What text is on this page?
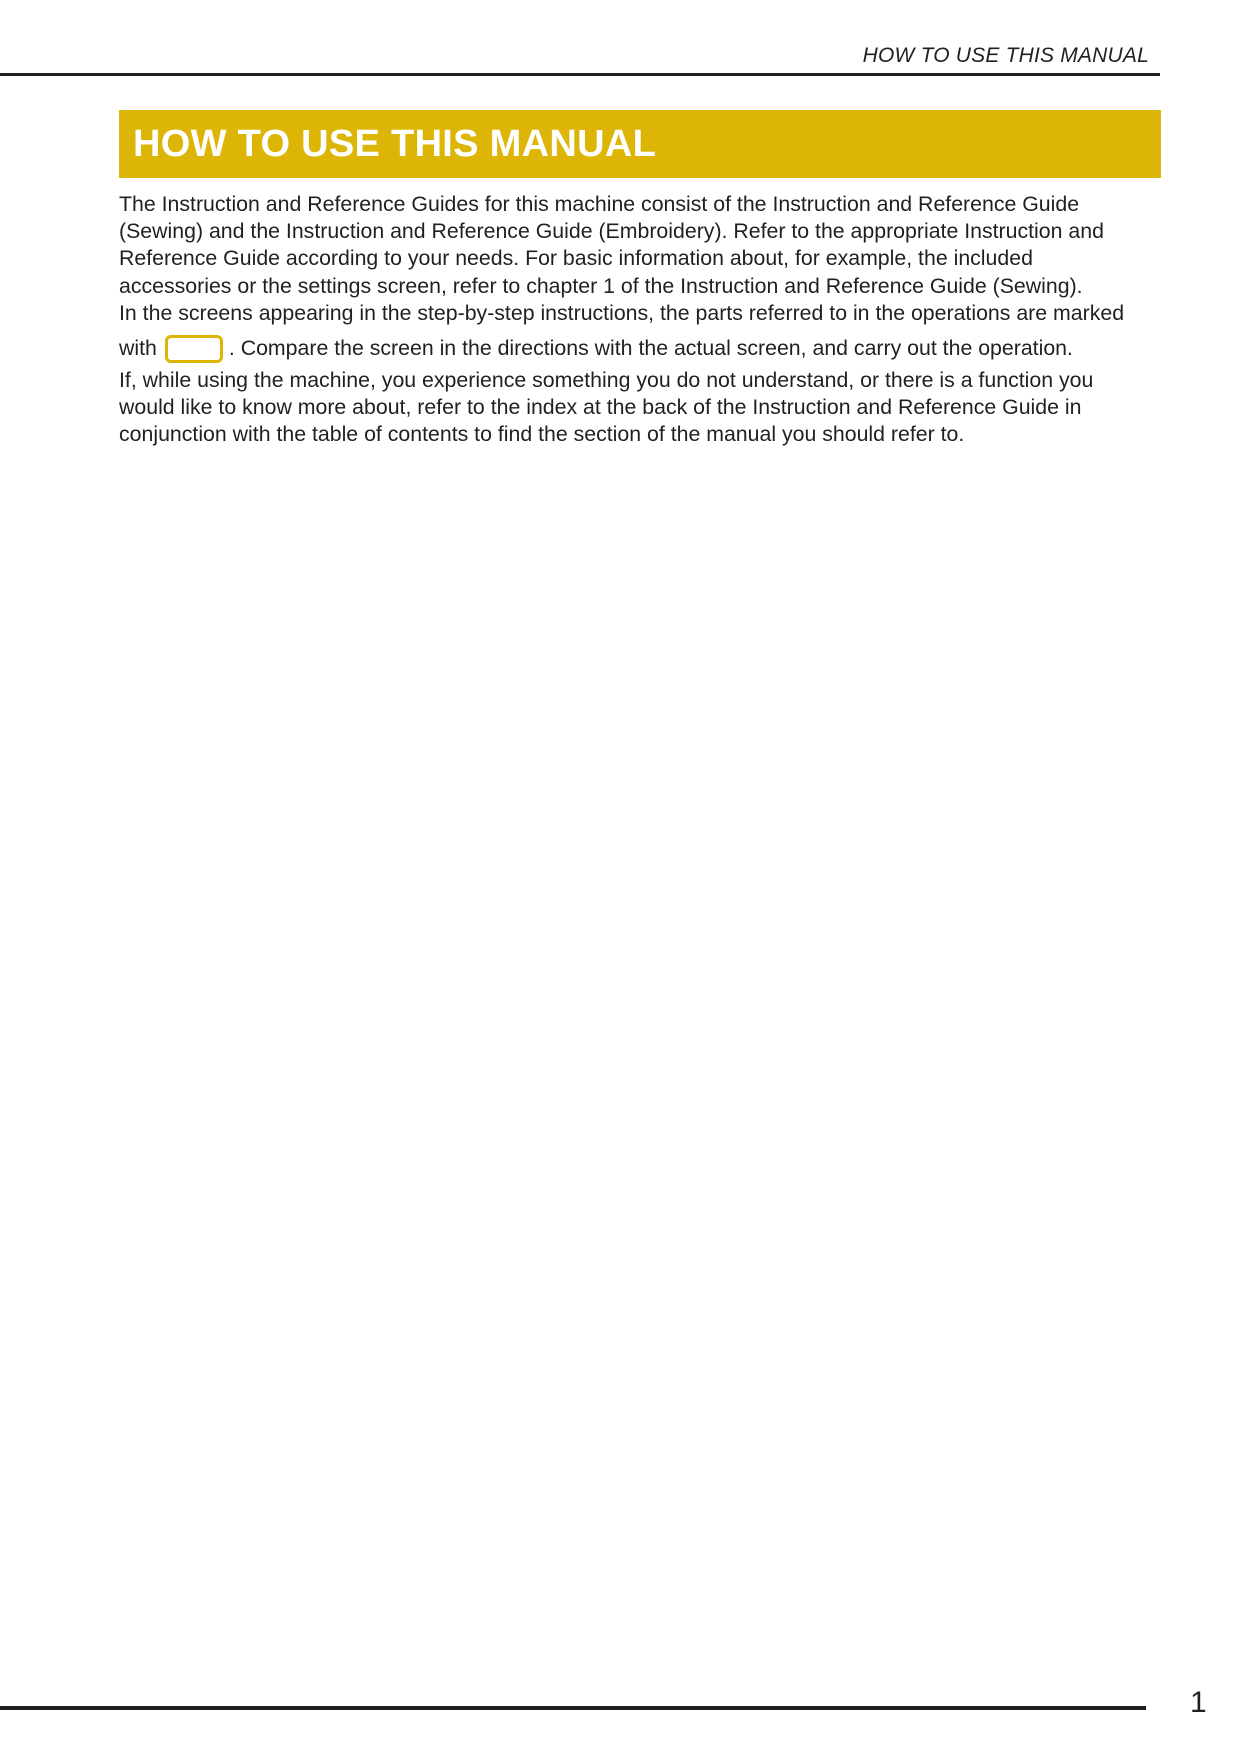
HOW TO USE THIS MANUAL
HOW TO USE THIS MANUAL

The Instruction and Reference Guides for this machine consist of the Instruction and Reference Guide
(Sewing) and the Instruction and Reference Guide (Embroidery). Refer to the appropriate Instruction and
Reference Guide according to your needs. For basic information about, for example, the included
accessories or the settings screen, refer to chapter 1 of the Instruction and Reference Guide (Sewing).

In the screens appearing in the step-by-step instructions, the parts referred to in the operations are marked
with	. Compare the screen in the directions with the actual screen, and carry out the operation.

If, while using the machine, you experience something you do not understand, or there is a function you
would like to know more about, refer to the index at the back of the Instruction and Reference Guide in
conjunction with the table of contents to find the section of the manual you should refer to.

1
